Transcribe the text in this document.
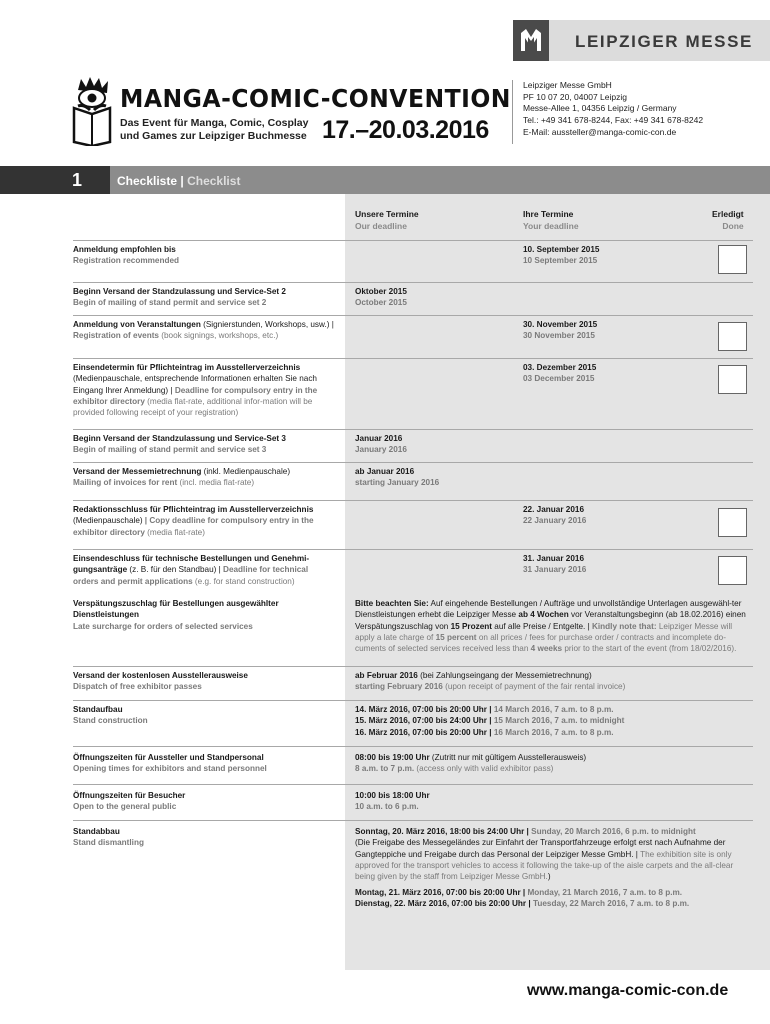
LEIPZIGER MESSE
MANGA-COMIC-CONVENTION
Das Event für Manga, Comic, Cosplay
und Games zur Leipziger Buchmesse 17.–20.03.2016
Leipziger Messe GmbH
PF 10 07 20, 04007 Leipzig
Messe-Allee 1, 04356 Leipzig / Germany
Tel.: +49 341 678-8244, Fax: +49 341 678-8242
E-Mail: aussteller@manga-comic-con.de
1	Checkliste | Checklist
Unsere Termine
Our deadline
Ihre Termine
Your deadline
Erledigt
Done
Anmeldung empfohlen bis
Registration recommended
10. September 2015
10 September 2015
Beginn Versand der Standzulassung und Service-Set 2
Begin of mailing of stand permit and service set 2
Oktober 2015
October 2015
Anmeldung von Veranstaltungen (Signierstunden, Workshops, usw.) | Registration of events (book signings, workshops, etc.)
30. November 2015
30 November 2015
Einsendetermin für Pflichteintrag im Ausstellerverzeichnis
(Medienpauschale, entsprechende Informationen erhalten Sie nach Eingang Ihrer Anmeldung) | Deadline for compulsory entry in the exhibitor directory (media flat-rate, additional infor-mation will be provided following receipt of your registration)
03. Dezember 2015
03 December 2015
Beginn Versand der Standzulassung und Service-Set 3
Begin of mailing of stand permit and service set 3
Januar 2016
January 2016
Versand der Messemietrechnung (inkl. Medienpauschale)
Mailing of invoices for rent (incl. media flat-rate)
ab Januar 2016
starting January 2016
Redaktionsschluss für Pflichteintrag im Ausstellerverzeichnis
(Medienpauschale) | Copy deadline for compulsory entry in the exhibitor directory (media flat-rate)
22. Januar 2016
22 January 2016
Einsendeschluss für technische Bestellungen und Genehmi-gungsanträge (z. B. für den Standbau) | Deadline for technical orders and permit applications (e.g. for stand construction)
31. Januar 2016
31 January 2016
Verspätungszuschlag für Bestellungen ausgewählter Dienstleistungen
Late surcharge for orders of selected services
Bitte beachten Sie: Auf eingehende Bestellungen / Aufträge und unvollständige Unterlagen ausgewähl-ter Dienstleistungen erhebt die Leipziger Messe ab 4 Wochen vor Veranstaltungsbeginn (ab 18.02.2016) einen Verspätungszuschlag von 15 Prozent auf alle Preise / Entgelte. | Kindly note that: Leipziger Messe will apply a late charge of 15 percent on all prices / fees for purchase order / contracts and incomplete do-cuments of selected services received less than 4 weeks prior to the start of the event (from 18/02/2016).
Versand der kostenlosen Ausstellerausweise
Dispatch of free exhibitor passes
ab Februar 2016 (bei Zahlungseingang der Messemietrechnung)
starting February 2016 (upon receipt of payment of the fair rental invoice)
Standaufbau
Stand construction
14. März 2016, 07:00 bis 20:00 Uhr | 14 March 2016, 7 a.m. to 8 p.m.
15. März 2016, 07:00 bis 24:00 Uhr | 15 March 2016, 7 a.m. to midnight
16. März 2016, 07:00 bis 20:00 Uhr | 16 March 2016, 7 a.m. to 8 p.m.
Öffnungszeiten für Aussteller und Standpersonal
Opening times for exhibitors and stand personnel
08:00 bis 19:00 Uhr (Zutritt nur mit gültigem Ausstellerausweis)
8 a.m. to 7 p.m. (access only with valid exhibitor pass)
Öffnungszeiten für Besucher
Open to the general public
10:00 bis 18:00 Uhr
10 a.m. to 6 p.m.
Standabbau
Stand dismantling
Sonntag, 20. März 2016, 18:00 bis 24:00 Uhr | Sunday, 20 March 2016, 6 p.m. to midnight
(Die Freigabe des Messegeländes zur Einfahrt der Transportfahrzeuge erfolgt erst nach Aufnahme der Gangteppiche und Freigabe durch das Personal der Leipziger Messe GmbH. | The exhibition site is only approved for the transport vehicles to access it following the take-up of the aisle carpets and the all-clear being given by the staff from Leipziger Messe GmbH.)
Montag, 21. März 2016, 07:00 bis 20:00 Uhr | Monday, 21 March 2016, 7 a.m. to 8 p.m.
Dienstag, 22. März 2016, 07:00 bis 20:00 Uhr | Tuesday, 22 March 2016, 7 a.m. to 8 p.m.
www.manga-comic-con.de
